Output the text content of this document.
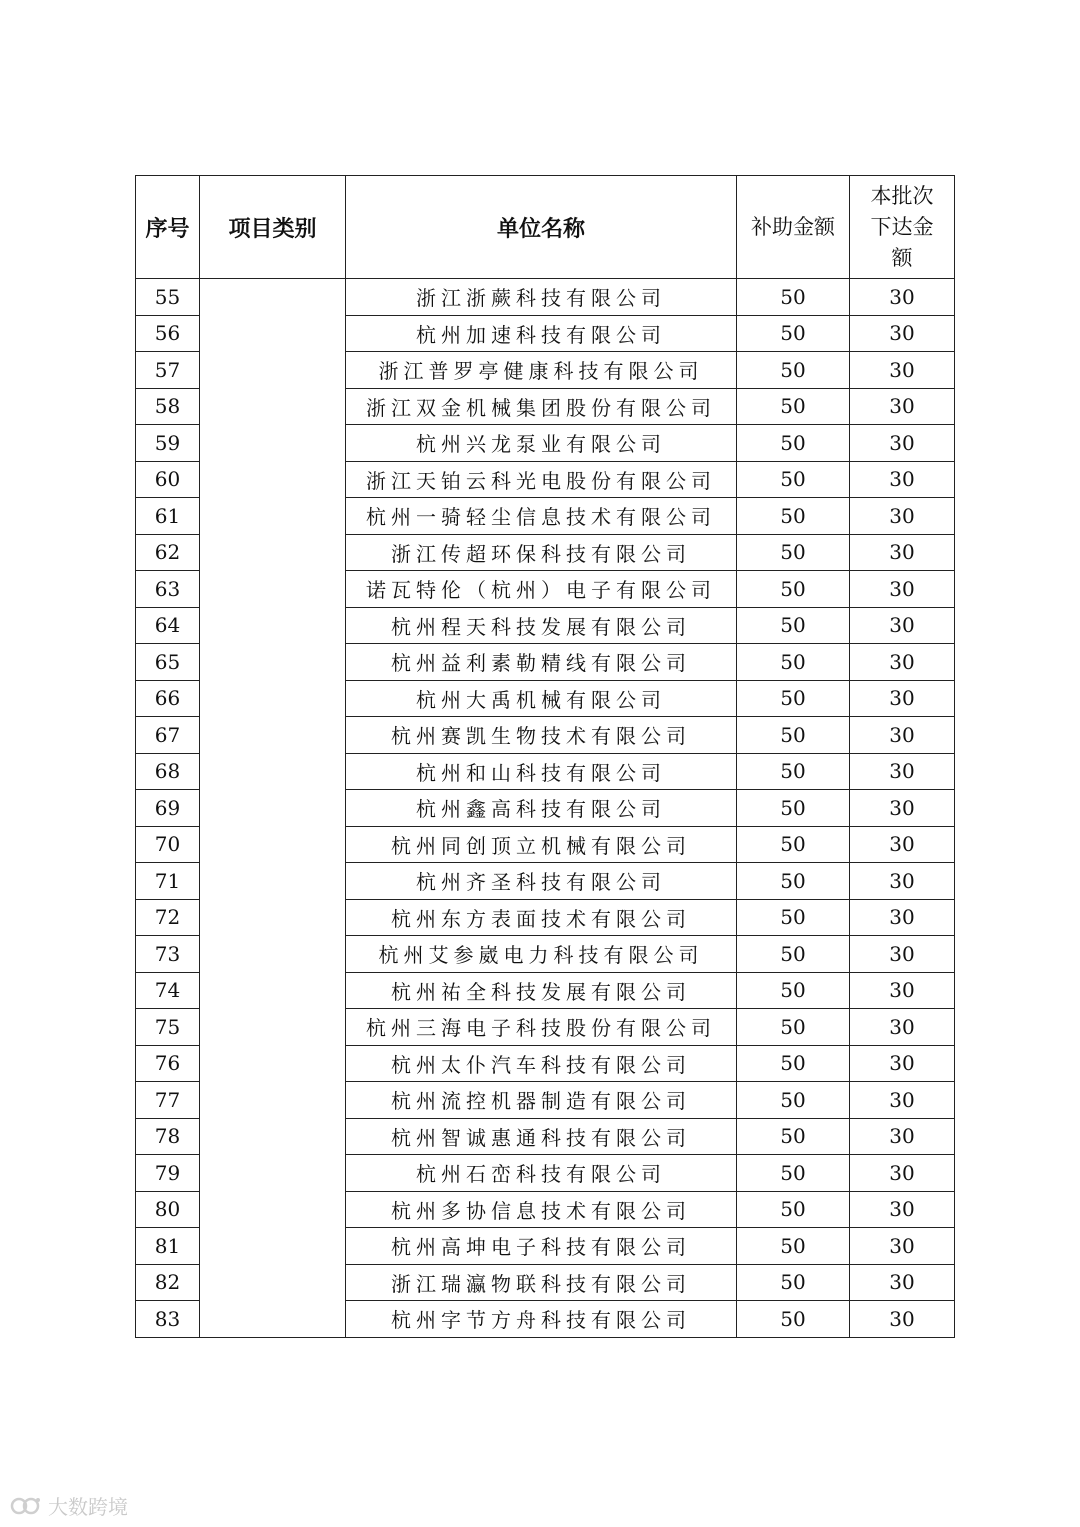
序号	项目类别	单位名称	补助金额	本批次下达金额

55		浙江浙蕨科技有限公司	50	30
56		杭州加速科技有限公司	50	30
57		浙江普罗亭健康科技有限公司	50	30
58		浙江双金机械集团股份有限公司	50	30
59		杭州兴龙泵业有限公司	50	30
60		浙江天铂云科光电股份有限公司	50	30
61		杭州一骑轻尘信息技术有限公司	50	30
62		浙江传超环保科技有限公司	50	30
63		诺瓦特伦（杭州）电子有限公司	50	30
64		杭州程天科技发展有限公司	50	30
65		杭州益利素勒精线有限公司	50	30
66		杭州大禹机械有限公司	50	30
67		杭州赛凯生物技术有限公司	50	30
68		杭州和山科技有限公司	50	30
69		杭州鑫高科技有限公司	50	30
70		杭州同创顶立机械有限公司	50	30
71		杭州齐圣科技有限公司	50	30
72		杭州东方表面技术有限公司	50	30
73		杭州艾参崴电力科技有限公司	50	30
74		杭州祐全科技发展有限公司	50	30
75		杭州三海电子科技股份有限公司	50	30
76		杭州太仆汽车科技有限公司	50	30
77		杭州流控机器制造有限公司	50	30
78		杭州智诚惠通科技有限公司	50	30
79		杭州石峦科技有限公司	50	30
80		杭州多协信息技术有限公司	50	30
81		杭州高坤电子科技有限公司	50	30
82		浙江瑞瀛物联科技有限公司	50	30
83		杭州字节方舟科技有限公司	50	30
大数跨境
